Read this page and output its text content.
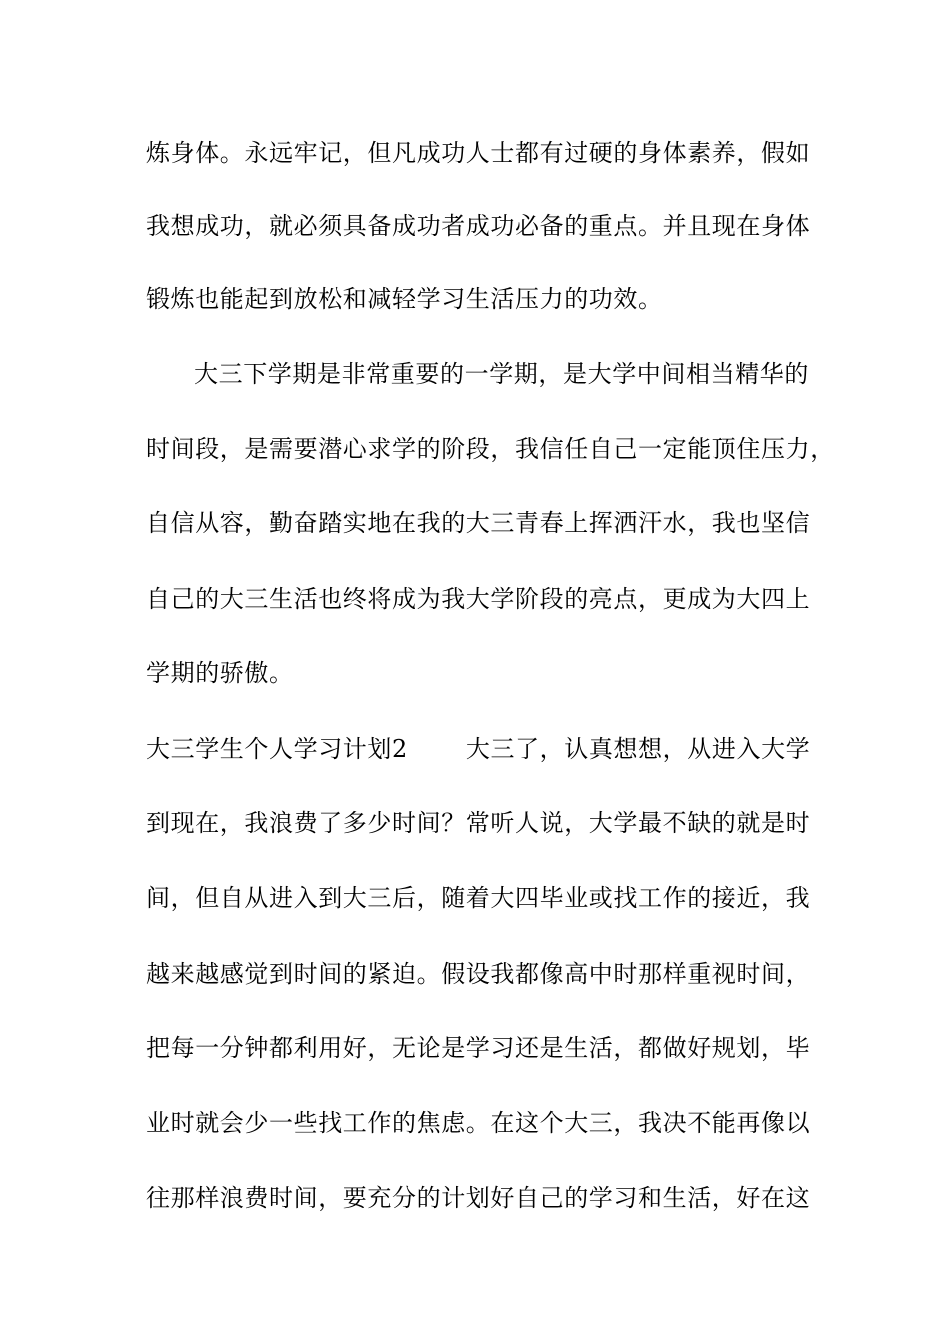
炼身体。永远牢记，但凡成功人士都有过硬的身体素养，假如
我想成功，就必须具备成功者成功必备的重点。并且现在身体
锻炼也能起到放松和减轻学习生活压力的功效。
大三下学期是非常重要的一学期，是大学中间相当精华的
时间段，是需要潜心求学的阶段，我信任自己一定能顶住压力，
自信从容，勤奋踏实地在我的大三青春上挥洒汗水，我也坚信
自己的大三生活也终将成为我大学阶段的亮点，更成为大四上
学期的骄傲。
大三学生个人学习计划2 大三了，认真想想，从进入大学
到现在，我浪费了多少时间？常听人说，大学最不缺的就是时
间，但自从进入到大三后，随着大四毕业或找工作的接近，我
越来越感觉到时间的紧迫。假设我都像高中时那样重视时间，
把每一分钟都利用好，无论是学习还是生活，都做好规划，毕
业时就会少一些找工作的焦虑。在这个大三，我决不能再像以
往那样浪费时间，要充分的计划好自己的学习和生活，好在这
